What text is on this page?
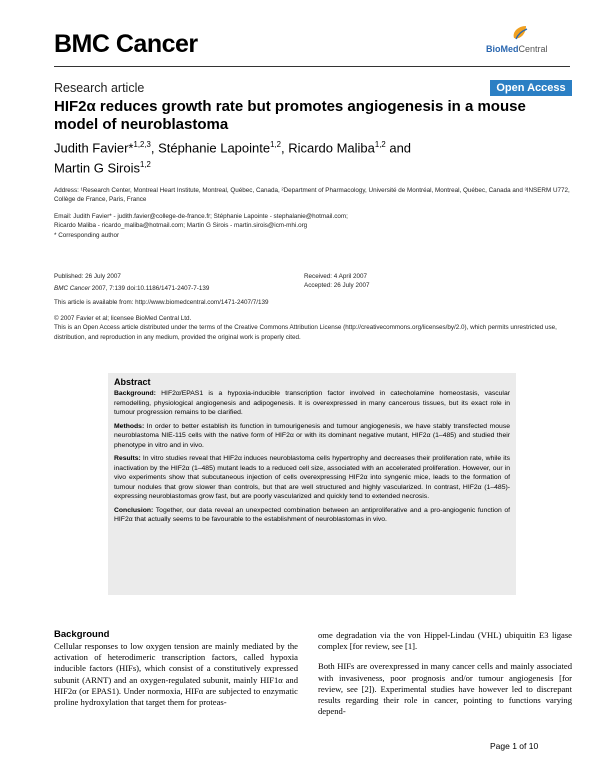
BMC Cancer	BioMedCentral
Research article	Open Access
HIF2α reduces growth rate but promotes angiogenesis in a mouse model of neuroblastoma
Judith Favier*$^{1,2,3}$, Stéphanie Lapointe$^{1,2}$, Ricardo Maliba$^{1,2}$ and
Martin G Sirois$^{1,2}$
Address: ¹Research Center, Montreal Heart Institute, Montreal, Québec, Canada, ²Department of Pharmacology, Université de Montréal, Montreal, Québec, Canada and ³INSERM U772, Collège de France, Paris, France
Email: Judith Favier* - judith.favier@college-de-france.fr; Stéphanie Lapointe - stephalanie@hotmail.com;
Ricardo Maliba - ricardo_maliba@hotmail.com; Martin G Sirois - martin.sirois@icm-mhi.org
* Corresponding author
Published: 26 July 2007
BMC Cancer 2007, 7:139 doi:10.1186/1471-2407-7-139
Received: 4 April 2007
Accepted: 26 July 2007
This article is available from: http://www.biomedcentral.com/1471-2407/7/139
© 2007 Favier et al; licensee BioMed Central Ltd.
This is an Open Access article distributed under the terms of the Creative Commons Attribution License (http://creativecommons.org/licenses/by/2.0), which permits unrestricted use, distribution, and reproduction in any medium, provided the original work is properly cited.
Abstract
Background: HIF2α/EPAS1 is a hypoxia-inducible transcription factor involved in catecholamine homeostasis, vascular remodelling, physiological angiogenesis and adipogenesis. It is overexpressed in many cancerous tissues, but its exact role in tumour progression remains to be clarified.
Methods: In order to better establish its function in tumourigenesis and tumour angiogenesis, we have stably transfected mouse neuroblastoma NIE-115 cells with the native form of HIF2α or with its dominant negative mutant, HIF2α (1–485) and studied their phenotype in vitro and in vivo.
Results: In vitro studies reveal that HIF2α induces neuroblastoma cells hypertrophy and decreases their proliferation rate, while its inactivation by the HIF2α (1–485) mutant leads to a reduced cell size, associated with an accelerated proliferation. However, our in vivo experiments show that subcutaneous injection of cells overexpressing HIF2α into syngenic mice, leads to the formation of tumour nodules that grow slower than controls, but that are well structured and highly vascularized. In contrast, HIF2α (1–485)-expressing neuroblastomas grow fast, but are poorly vascularized and quickly tend to extended necrosis.
Conclusion: Together, our data reveal an unexpected combination between an antiproliferative and a pro-angiogenic function of HIF2α that actually seems to be favourable to the establishment of neuroblastomas in vivo.
Background
Cellular responses to low oxygen tension are mainly mediated by the activation of heterodimeric transcription factors, called hypoxia inducible factors (HIFs), which consist of a constitutively expressed subunit (ARNT) and an oxygen-regulated subunit, mainly HIF1α and HIF2α (or EPAS1). Under normoxia, HIFα are subjected to enzymatic proline hydroxylation that target them for proteas-

ome degradation via the von Hippel-Lindau (VHL) ubiquitin E3 ligase complex [for review, see [1].

Both HIFs are overexpressed in many cancer cells and mainly associated with invasiveness, poor prognosis and/or tumour angiogenesis [for review, see [2]). Experimental studies have however led to discrepant results regarding their role in cancer, pointing to functions varying depend-

Page 1 of 10
